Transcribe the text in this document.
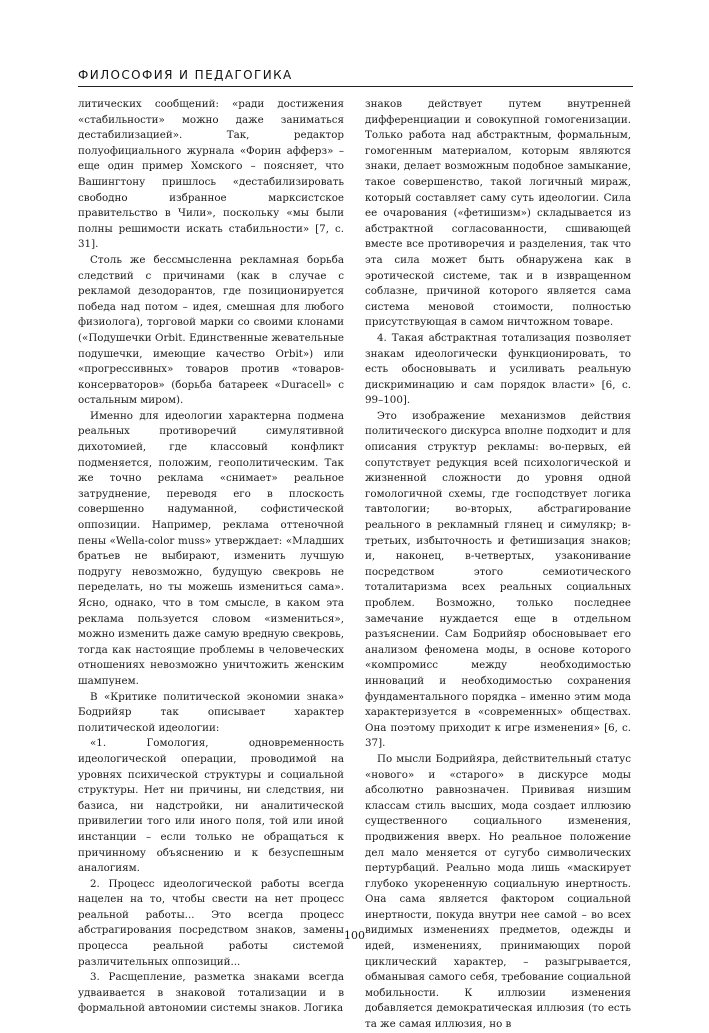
ФИЛОСОФИЯ И ПЕДАГОГИКА

литических сообщений: «ради достижения «стабильности» можно даже заниматься дестабилизацией». Так, редактор полуофициального журнала «Форин афферз» – еще один пример Хомского – поясняет, что Вашингтону пришлось «дестабилизировать свободно избранное марксистское правительство в Чили», поскольку «мы были полны решимости искать стабильности» [7, с. 31].

Столь же бессмысленна рекламная борьба следствий с причинами (как в случае с рекламой дезодорантов, где позиционируется победа над потом – идея, смешная для любого физиолога), торговой марки со своими клонами («Подушечки Orbit. Единственные жевательные подушечки, имеющие качество Orbit») или «прогрессивных» товаров против «товаров-консерваторов» (борьба батареек «Duracell» с остальным миром).

Именно для идеологии характерна подмена реальных противоречий симулятивной дихотомией, где классовый конфликт подменяется, положим, геополитическим. Так же точно реклама «снимает» реальное затруднение, переводя его в плоскость совершенно надуманной, софистической оппозиции. Например, реклама оттеночной пены «Wella-color muss» утверждает: «Младших братьев не выбирают, изменить лучшую подругу невозможно, будущую свекровь не переделать, но ты можешь измениться сама». Ясно, однако, что в том смысле, в каком эта реклама пользуется словом «измениться», можно изменить даже самую вредную свекровь, тогда как настоящие проблемы в человеческих отношениях невозможно уничтожить женским шампунем.

В «Критике политической экономии знака» Бодрийяр так описывает характер политической идеологии:

«1. Гомология, одновременность идеологической операции, проводимой на уровнях психической структуры и социальной структуры. Нет ни причины, ни следствия, ни базиса, ни надстройки, ни аналитической привилегии того или иного поля, той или иной инстанции – если только не обращаться к причинному объяснению и к безуспешным аналогиям.

2. Процесс идеологической работы всегда нацелен на то, чтобы свести на нет процесс реальной работы... Это всегда процесс абстрагирования посредством знаков, замены процесса реальной работы системой различительных оппозиций...

3. Расщепление, разметка знаками всегда удваивается в знаковой тотализации и в формальной автономии системы знаков. Логика

знаков действует путем внутренней дифференциации и совокупной гомогенизации. Только работа над абстрактным, формальным, гомогенным материалом, которым являются знаки, делает возможным подобное замыкание, такое совершенство, такой логичный мираж, который составляет саму суть идеологии. Сила ее очарования («фетишизм») складывается из абстрактной согласованности, сшивающей вместе все противоречия и разделения, так что эта сила может быть обнаружена как в эротической системе, так и в извращенном соблазне, причиной которого является сама система меновой стоимости, полностью присутствующая в самом ничтожном товаре.

4. Такая абстрактная тотализация позволяет знакам идеологически функционировать, то есть обосновывать и усиливать реальную дискриминацию и сам порядок власти» [6, с. 99–100].

Это изображение механизмов действия политического дискурса вполне подходит и для описания структур рекламы: во-первых, ей сопутствует редукция всей психологической и жизненной сложности до уровня одной гомологичной схемы, где господствует логика тавтологии; во-вторых, абстрагирование реального в рекламный глянец и симулякр; в-третьих, избыточность и фетишизация знаков; и, наконец, в-четвертых, узаконивание посредством этого семиотического тоталитаризма всех реальных социальных проблем. Возможно, только последнее замечание нуждается еще в отдельном разъяснении. Сам Бодрийяр обосновывает его анализом феномена моды, в основе которого «компромисс между необходимостью инноваций и необходимостью сохранения фундаментального порядка – именно этим мода характеризуется в «современных» обществах. Она поэтому приходит к игре изменения» [6, с. 37].

По мысли Бодрийяра, действительный статус «нового» и «старого» в дискурсе моды абсолютно равнозначен. Прививая низшим классам стиль высших, мода создает иллюзию существенного социального изменения, продвижения вверх. Но реальное положение дел мало меняется от сугубо символических пертурбаций. Реально мода лишь «маскирует глубоко укорененную социальную инертность. Она сама является фактором социальной инертности, покуда внутри нее самой – во всех видимых изменениях предметов, одежды и идей, изменениях, принимающих порой циклический характер, – разыгрывается, обманывая самого себя, требование социальной мобильности. К иллюзии изменения добавляется демократическая иллюзия (то есть та же самая иллюзия, но в

100
